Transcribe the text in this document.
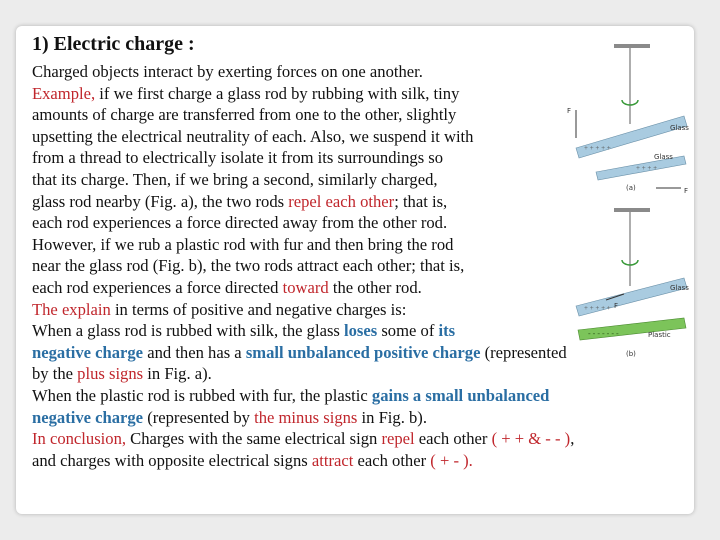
1) Electric charge :
Charged objects interact by exerting forces on one another.
Example, if we first charge a glass rod by rubbing with silk, tiny
amounts of charge are transferred from one to the other, slightly
upsetting the electrical neutrality of each. Also, we suspend it with
from a thread to electrically isolate it from its surroundings so
that its charge. Then, if we bring a second, similarly charged,
glass rod nearby (Fig. a), the two rods repel each other; that is,
each rod experiences a force directed away from the other rod.
However, if we rub a plastic rod with fur and then bring the rod
near the glass rod (Fig. b), the two rods attract each other; that is,
each rod experiences a force directed toward the other rod.
The explain in terms of positive and negative charges is:
When a glass rod is rubbed with silk, the glass loses some of its
negative charge and then has a small unbalanced positive charge (represented
by the plus signs in Fig. a).
When the plastic rod is rubbed with fur, the plastic gains a small unbalanced
negative charge (represented by the minus signs in Fig. b).
In conclusion, Charges with the same electrical sign repel each other ( + + & - - ),
and charges with opposite electrical signs attract each other ( + - ).
+ + + + +
F
+ + + +
Glass
Glass
F
(a)
+ + + + + F
Glass
- - - - - - -	Plastic
(b)
